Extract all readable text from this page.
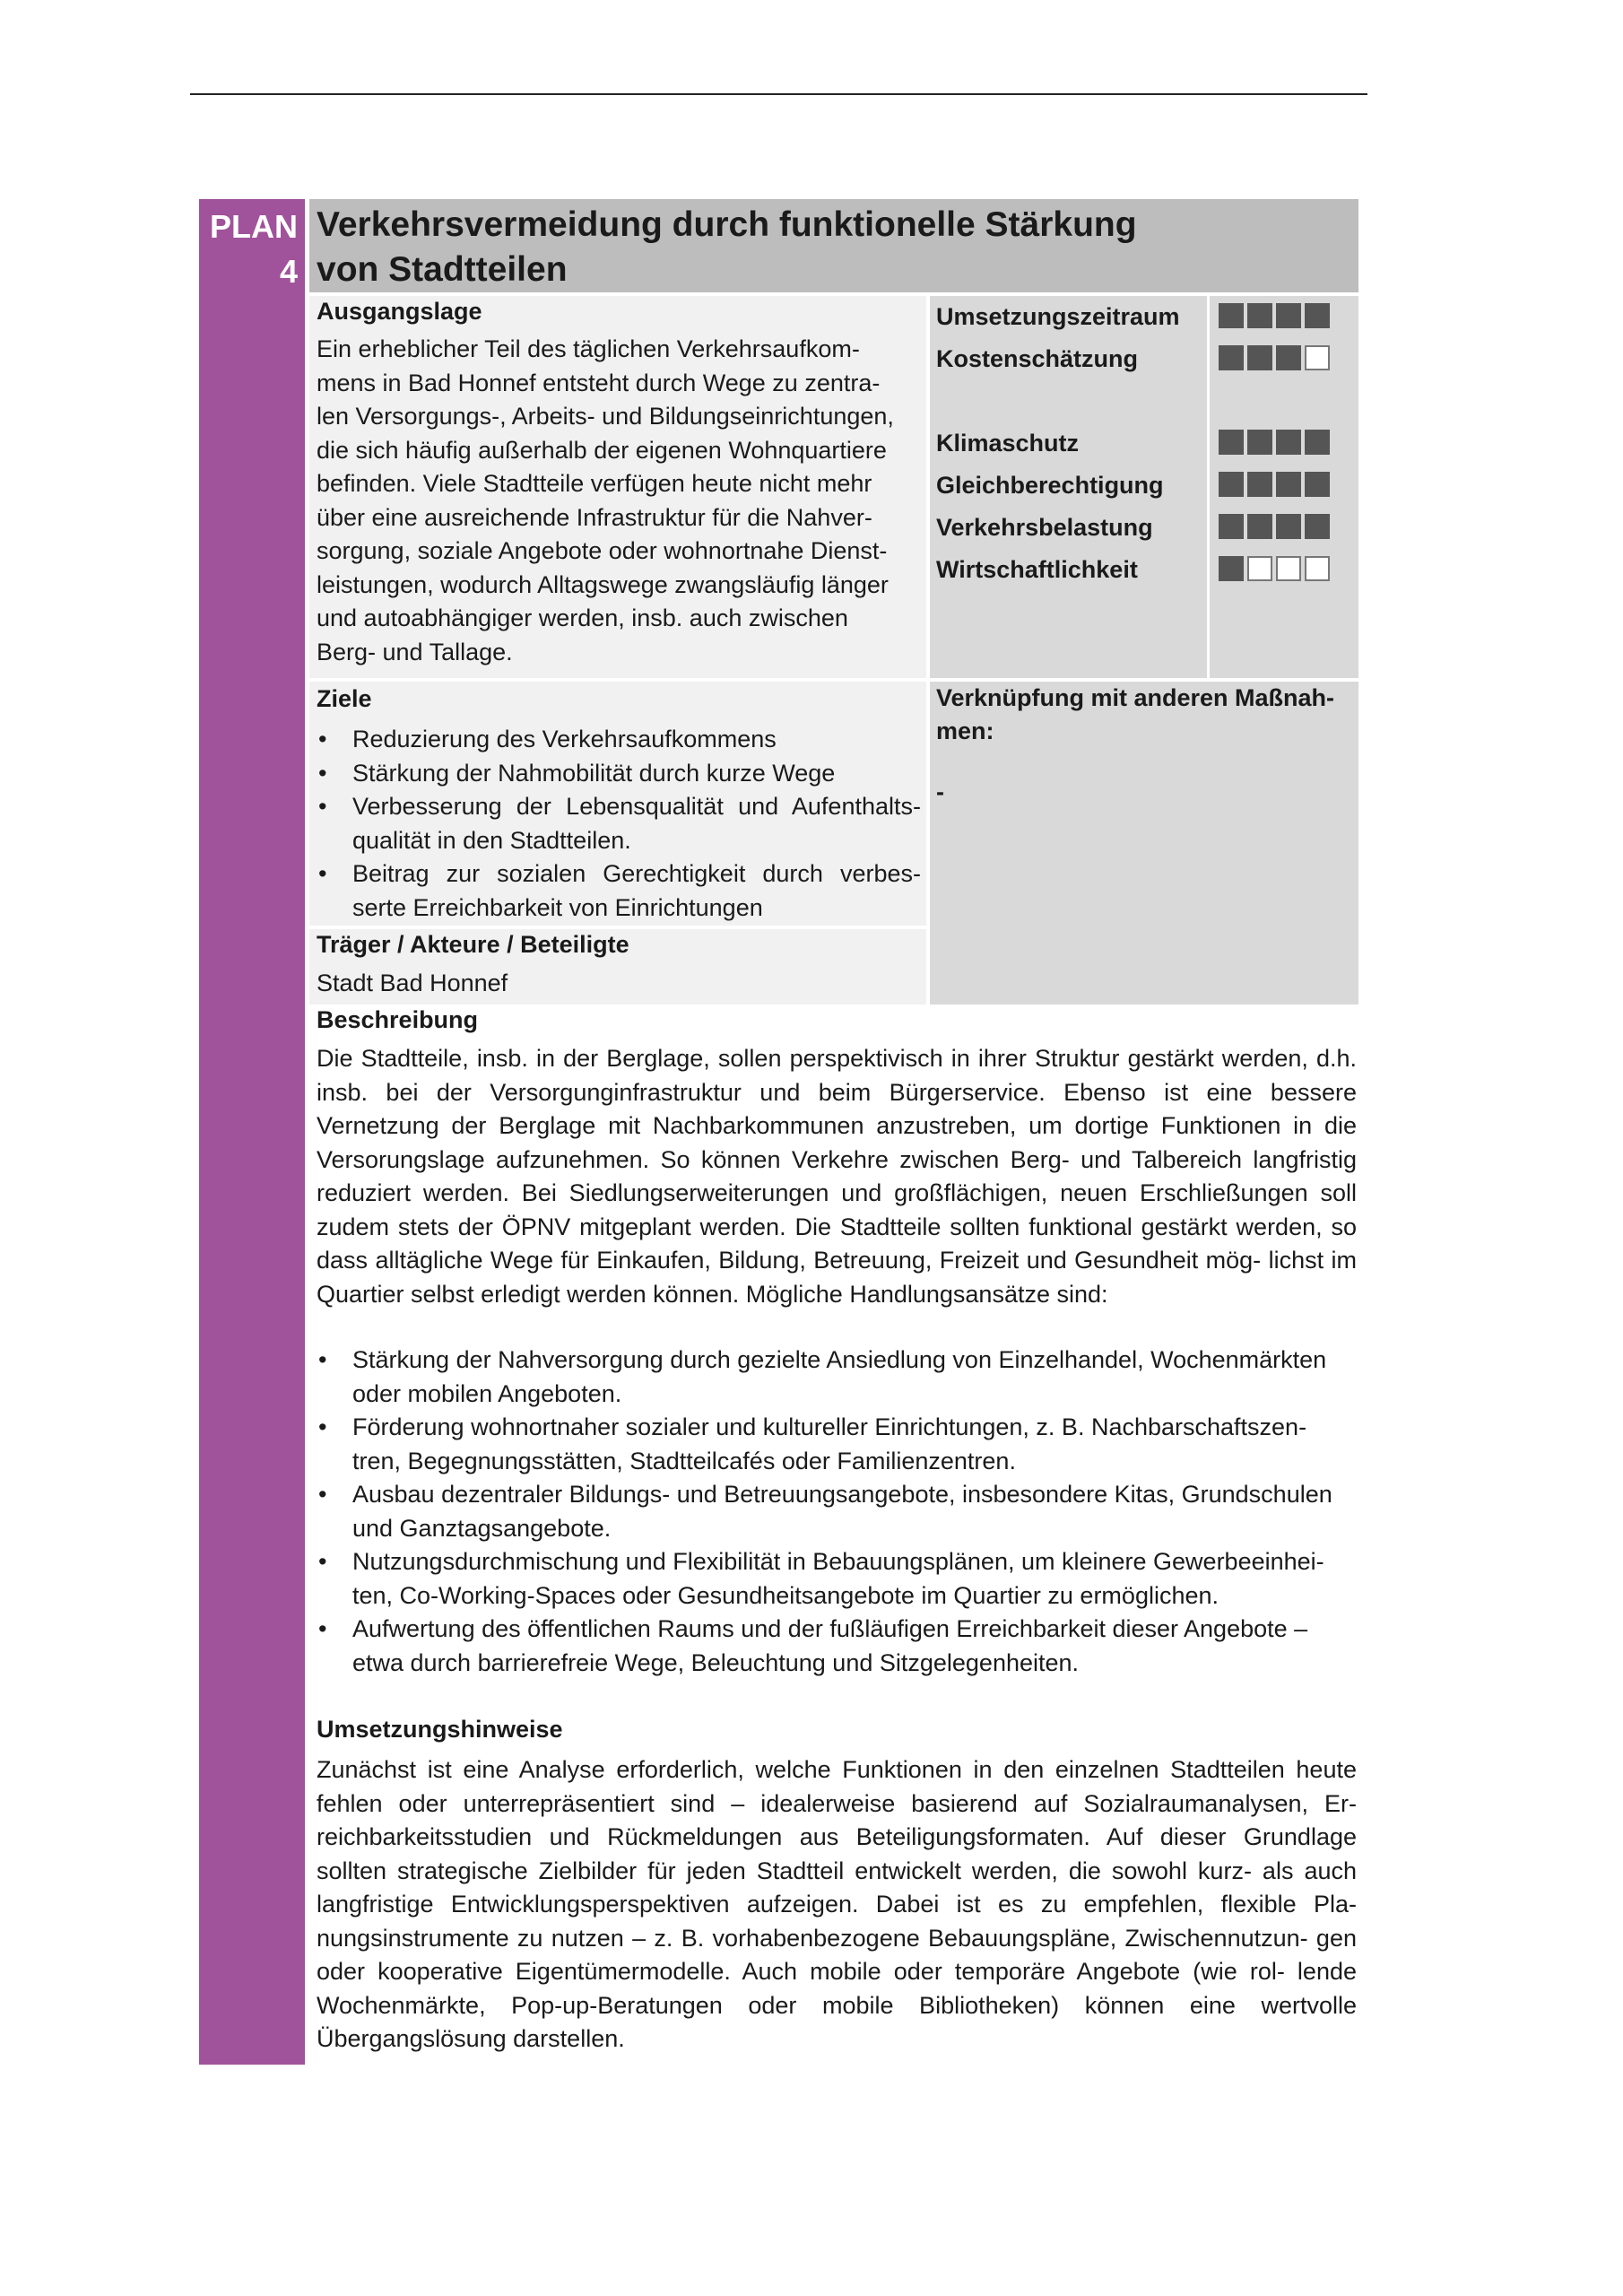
PLAN
4
Verkehrsvermeidung durch funktionelle Stärkung
von Stadtteilen
Ausgangslage
Ein erheblicher Teil des täglichen Verkehrsaufkom-
mens in Bad Honnef entsteht durch Wege zu zentra-
len Versorgungs-, Arbeits- und Bildungseinrichtungen,
die sich häufig außerhalb der eigenen Wohnquartiere
befinden. Viele Stadtteile verfügen heute nicht mehr
über eine ausreichende Infrastruktur für die Nahver-
sorgung, soziale Angebote oder wohnortnahe Dienst-
leistungen, wodurch Alltagswege zwangsläufig länger
und autoabhängiger werden, insb. auch zwischen
Berg- und Tallage.
Umsetzungszeitraum
Kostenschätzung
Klimaschutz
Gleichberechtigung
Verkehrsbelastung
Wirtschaftlichkeit
Ziele
• Reduzierung des Verkehrsaufkommens
• Stärkung der Nahmobilität durch kurze Wege
• Verbesserung der Lebensqualität und Aufenthalts- qualität in den Stadtteilen.
• Beitrag zur sozialen Gerechtigkeit durch verbes- serte Erreichbarkeit von Einrichtungen
Träger / Akteure / Beteiligte
Stadt Bad Honnef
Verknüpfung mit anderen Maßnah- men:
-
Beschreibung

Die Stadtteile, insb. in der Berglage, sollen perspektivisch in ihrer Struktur gestärkt werden, d.h. insb. bei der Versorgunginfrastruktur und beim Bürgerservice. Ebenso ist eine bessere Vernetzung der Berglage mit Nachbarkommunen anzustreben, um dortige Funktionen in die Versorungslage aufzunehmen. So können Verkehre zwischen Berg- und Talbereich langfristig reduziert werden. Bei Siedlungserweiterungen und großflächigen, neuen Erschließungen soll zudem stets der ÖPNV mitgeplant werden. Die Stadtteile sollten funktional gestärkt werden, so dass alltägliche Wege für Einkaufen, Bildung, Betreuung, Freizeit und Gesundheit mög- lichst im Quartier selbst erledigt werden können. Mögliche Handlungsansätze sind:

• Stärkung der Nahversorgung durch gezielte Ansiedlung von Einzelhandel, Wochenmärkten oder mobilen Angeboten.
• Förderung wohnortnaher sozialer und kultureller Einrichtungen, z. B. Nachbarschaftszen- tren, Begegnungsstätten, Stadtteilcafés oder Familienzentren.
• Ausbau dezentraler Bildungs- und Betreuungsangebote, insbesondere Kitas, Grundschulen und Ganztagsangebote.
• Nutzungsdurchmischung und Flexibilität in Bebauungsplänen, um kleinere Gewerbeeinhei- ten, Co-Working-Spaces oder Gesundheitsangebote im Quartier zu ermöglichen.
• Aufwertung des öffentlichen Raums und der fußläufigen Erreichbarkeit dieser Angebote – etwa durch barrierefreie Wege, Beleuchtung und Sitzgelegenheiten.
Umsetzungshinweise

Zunächst ist eine Analyse erforderlich, welche Funktionen in den einzelnen Stadtteilen heute fehlen oder unterrepräsentiert sind – idealerweise basierend auf Sozialraumanalysen, Er- reichbarkeitsstudien und Rückmeldungen aus Beteiligungsformaten. Auf dieser Grundlage sollten strategische Zielbilder für jeden Stadtteil entwickelt werden, die sowohl kurz- als auch langfristige Entwicklungsperspektiven aufzeigen. Dabei ist es zu empfehlen, flexible Pla- nungsinstrumente zu nutzen – z. B. vorhabenbezogene Bebauungspläne, Zwischennutzun- gen oder kooperative Eigentümermodelle. Auch mobile oder temporäre Angebote (wie rol- lende Wochenmärkte, Pop-up-Beratungen oder mobile Bibliotheken) können eine wertvolle Übergangslösung darstellen.
